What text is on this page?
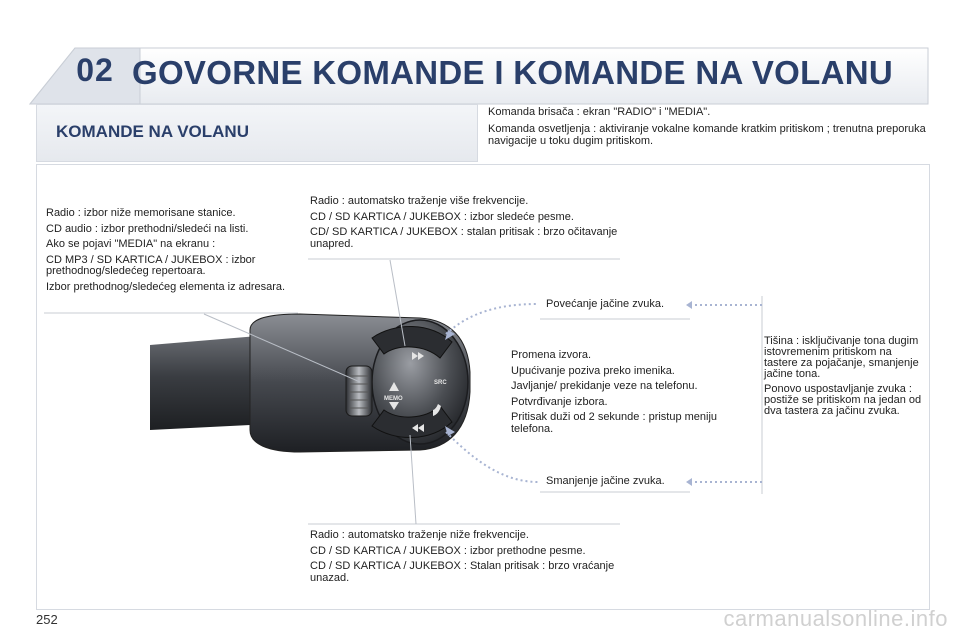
02 GOVORNE KOMANDE I KOMANDE NA VOLANU
KOMANDE NA VOLANU

Komanda brisača : ekran "RADIO" i "MEDIA".

Komanda osvetljenja : aktiviranje vokalne komande kratkim pritiskom ; trenutna preporuka navigacije u toku dugim pritiskom.

MEMO
SRC

Radio : izbor niže memorisane stanice.

CD audio : izbor prethodni/sledeći na listi.

Ako se pojavi "MEDIA" na ekranu :

CD MP3 / SD KARTICA / JUKEBOX : izbor prethodnog/sledećeg repertoara.

Izbor prethodnog/sledećeg elementa iz adresara.

Radio : automatsko traženje više frekvencije.

CD / SD KARTICA / JUKEBOX : izbor sledeće pesme.

CD/ SD KARTICA / JUKEBOX : stalan pritisak : brzo očitavanje unapred.

Povećanje jačine zvuka.
Smanjenje jačine zvuka.

Promena izvora.

Upućivanje poziva preko imenika.

Javljanje/ prekidanje veze na telefonu.

Potvrđivanje izbora.

Pritisak duži od 2 sekunde : pristup meniju telefona.

Tišina : isključivanje tona dugim istovremenim pritiskom na tastere za pojačanje, smanjenje jačine tona.

Ponovo uspostavljanje zvuka : postiže se pritiskom na jedan od dva tastera za jačinu zvuka.

Radio : automatsko traženje niže frekvencije.

CD / SD KARTICA / JUKEBOX : izbor prethodne pesme.

CD / SD KARTICA / JUKEBOX : Stalan pritisak : brzo vraćanje unazad.

252	carmanualsonline.info
